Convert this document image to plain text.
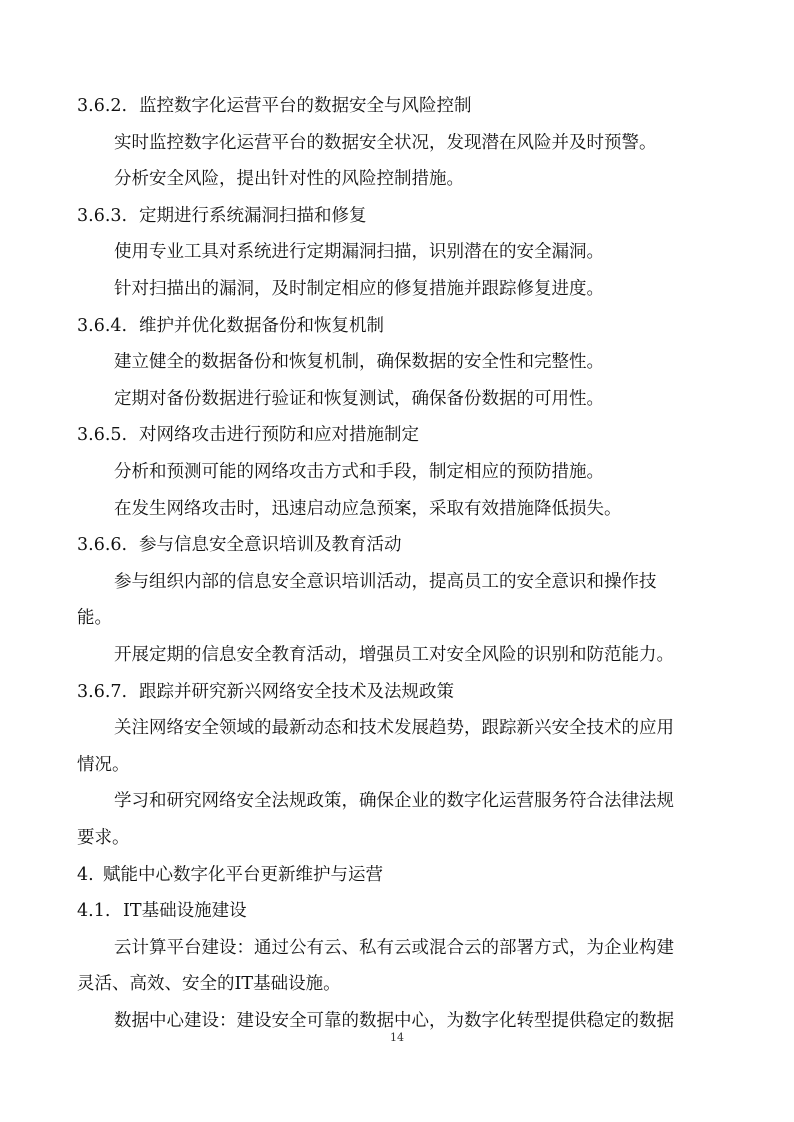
3.6.2. 监控数字化运营平台的数据安全与风险控制
实时监控数字化运营平台的数据安全状况，发现潜在风险并及时预警。
分析安全风险，提出针对性的风险控制措施。
3.6.3. 定期进行系统漏洞扫描和修复
使用专业工具对系统进行定期漏洞扫描，识别潜在的安全漏洞。
针对扫描出的漏洞，及时制定相应的修复措施并跟踪修复进度。
3.6.4. 维护并优化数据备份和恢复机制
建立健全的数据备份和恢复机制，确保数据的安全性和完整性。
定期对备份数据进行验证和恢复测试，确保备份数据的可用性。
3.6.5. 对网络攻击进行预防和应对措施制定
分析和预测可能的网络攻击方式和手段，制定相应的预防措施。
在发生网络攻击时，迅速启动应急预案，采取有效措施降低损失。
3.6.6. 参与信息安全意识培训及教育活动
参与组织内部的信息安全意识培训活动，提高员工的安全意识和操作技
能。
开展定期的信息安全教育活动，增强员工对安全风险的识别和防范能力。
3.6.7. 跟踪并研究新兴网络安全技术及法规政策
关注网络安全领域的最新动态和技术发展趋势，跟踪新兴安全技术的应用
情况。
学习和研究网络安全法规政策，确保企业的数字化运营服务符合法律法规
要求。
4. 赋能中心数字化平台更新维护与运营
4.1. IT基础设施建设
云计算平台建设：通过公有云、私有云或混合云的部署方式，为企业构建
灵活、高效、安全的IT基础设施。
数据中心建设：建设安全可靠的数据中心，为数字化转型提供稳定的数据
14
